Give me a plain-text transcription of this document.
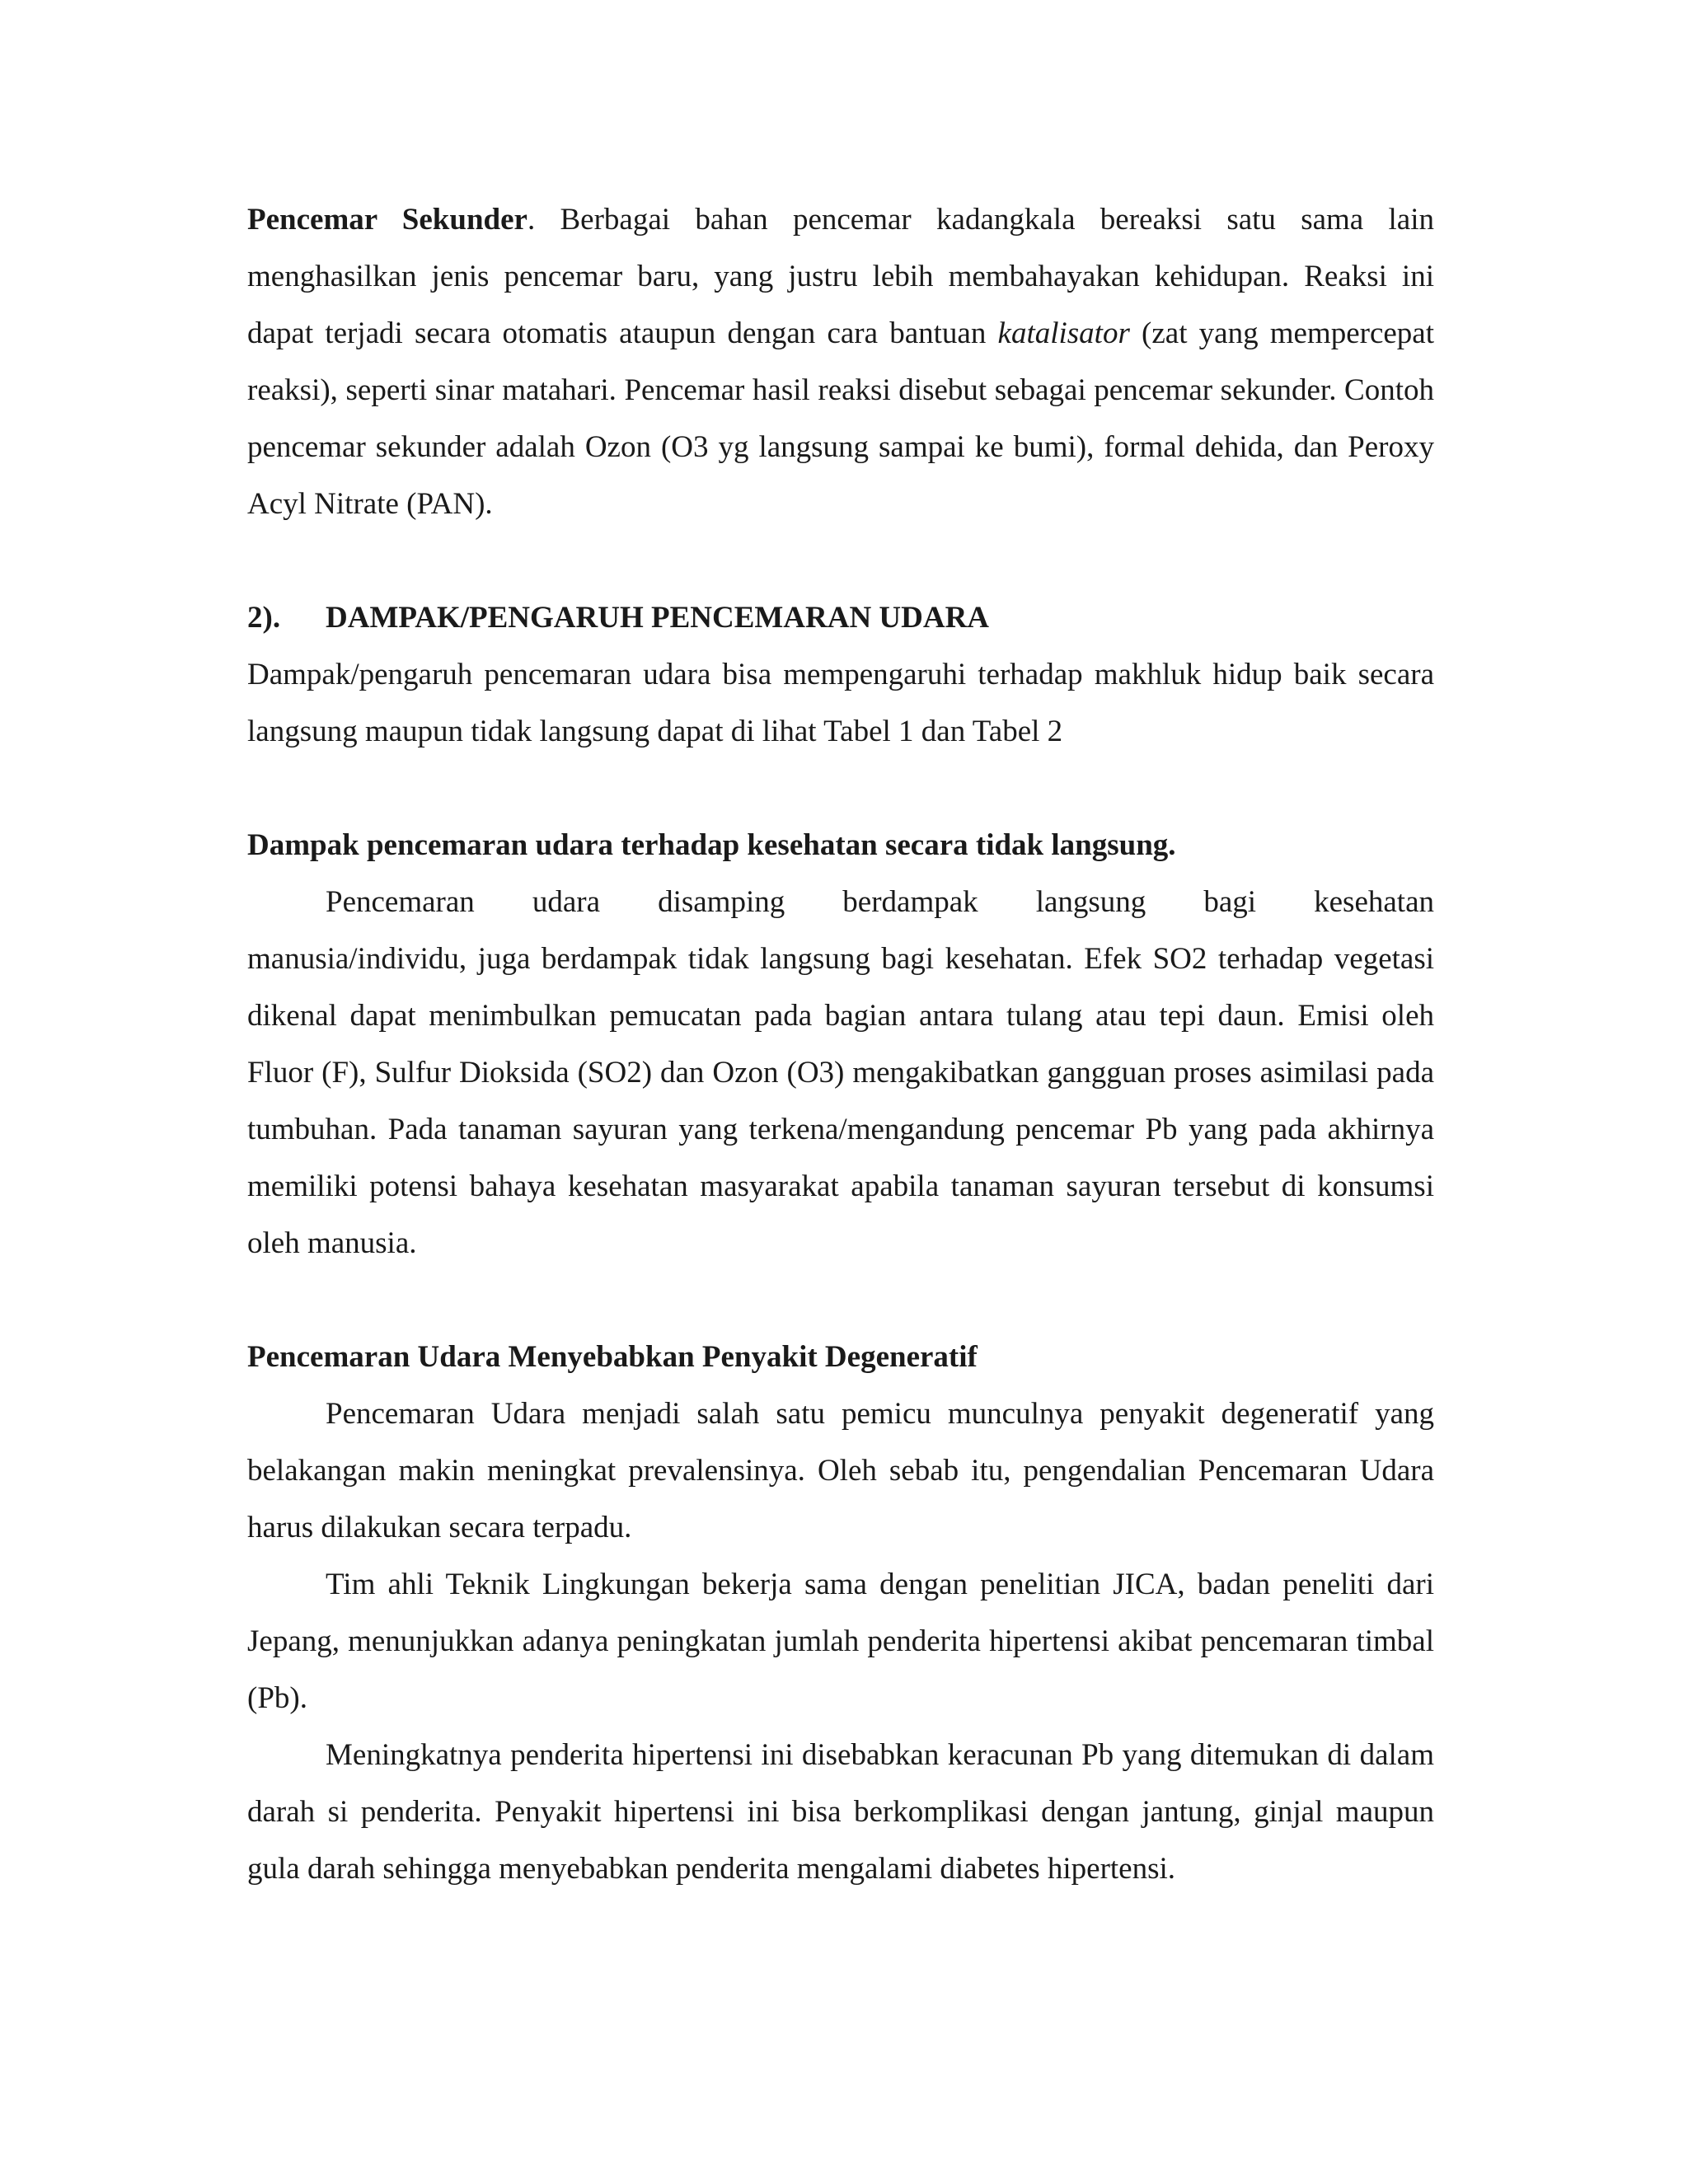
Pencemar Sekunder. Berbagai bahan pencemar kadangkala bereaksi satu sama lain menghasilkan jenis pencemar baru, yang justru lebih membahayakan kehidupan. Reaksi ini dapat terjadi secara otomatis ataupun dengan cara bantuan katalisator (zat yang mempercepat reaksi), seperti sinar matahari. Pencemar hasil reaksi disebut sebagai pencemar sekunder. Contoh pencemar sekunder adalah Ozon (O3 yg langsung sampai ke bumi), formal dehida, dan Peroxy Acyl Nitrate (PAN).

2). DAMPAK/PENGARUH PENCEMARAN UDARA

Dampak/pengaruh pencemaran udara bisa mempengaruhi terhadap makhluk hidup baik secara langsung maupun tidak langsung dapat di lihat Tabel 1 dan Tabel 2

Dampak pencemaran udara terhadap kesehatan secara tidak langsung.

Pencemaran udara disamping berdampak langsung bagi kesehatan

manusia/individu, juga berdampak tidak langsung bagi kesehatan. Efek SO2 terhadap vegetasi dikenal dapat menimbulkan pemucatan pada bagian antara tulang atau tepi daun. Emisi oleh Fluor (F), Sulfur Dioksida (SO2) dan Ozon (O3) mengakibatkan gangguan proses asimilasi pada tumbuhan. Pada tanaman sayuran yang terkena/mengandung pencemar Pb yang pada akhirnya memiliki potensi bahaya kesehatan masyarakat apabila tanaman sayuran tersebut di konsumsi oleh manusia.

Pencemaran Udara Menyebabkan Penyakit Degeneratif

Pencemaran Udara menjadi salah satu pemicu munculnya penyakit degeneratif yang belakangan makin meningkat prevalensinya. Oleh sebab itu, pengendalian Pencemaran Udara harus dilakukan secara terpadu.

Tim ahli Teknik Lingkungan bekerja sama dengan penelitian JICA, badan peneliti dari Jepang, menunjukkan adanya peningkatan jumlah penderita hipertensi akibat pencemaran timbal (Pb).

Meningkatnya penderita hipertensi ini disebabkan keracunan Pb yang ditemukan di dalam darah si penderita. Penyakit hipertensi ini bisa berkomplikasi dengan jantung, ginjal maupun gula darah sehingga menyebabkan penderita mengalami diabetes hipertensi.
